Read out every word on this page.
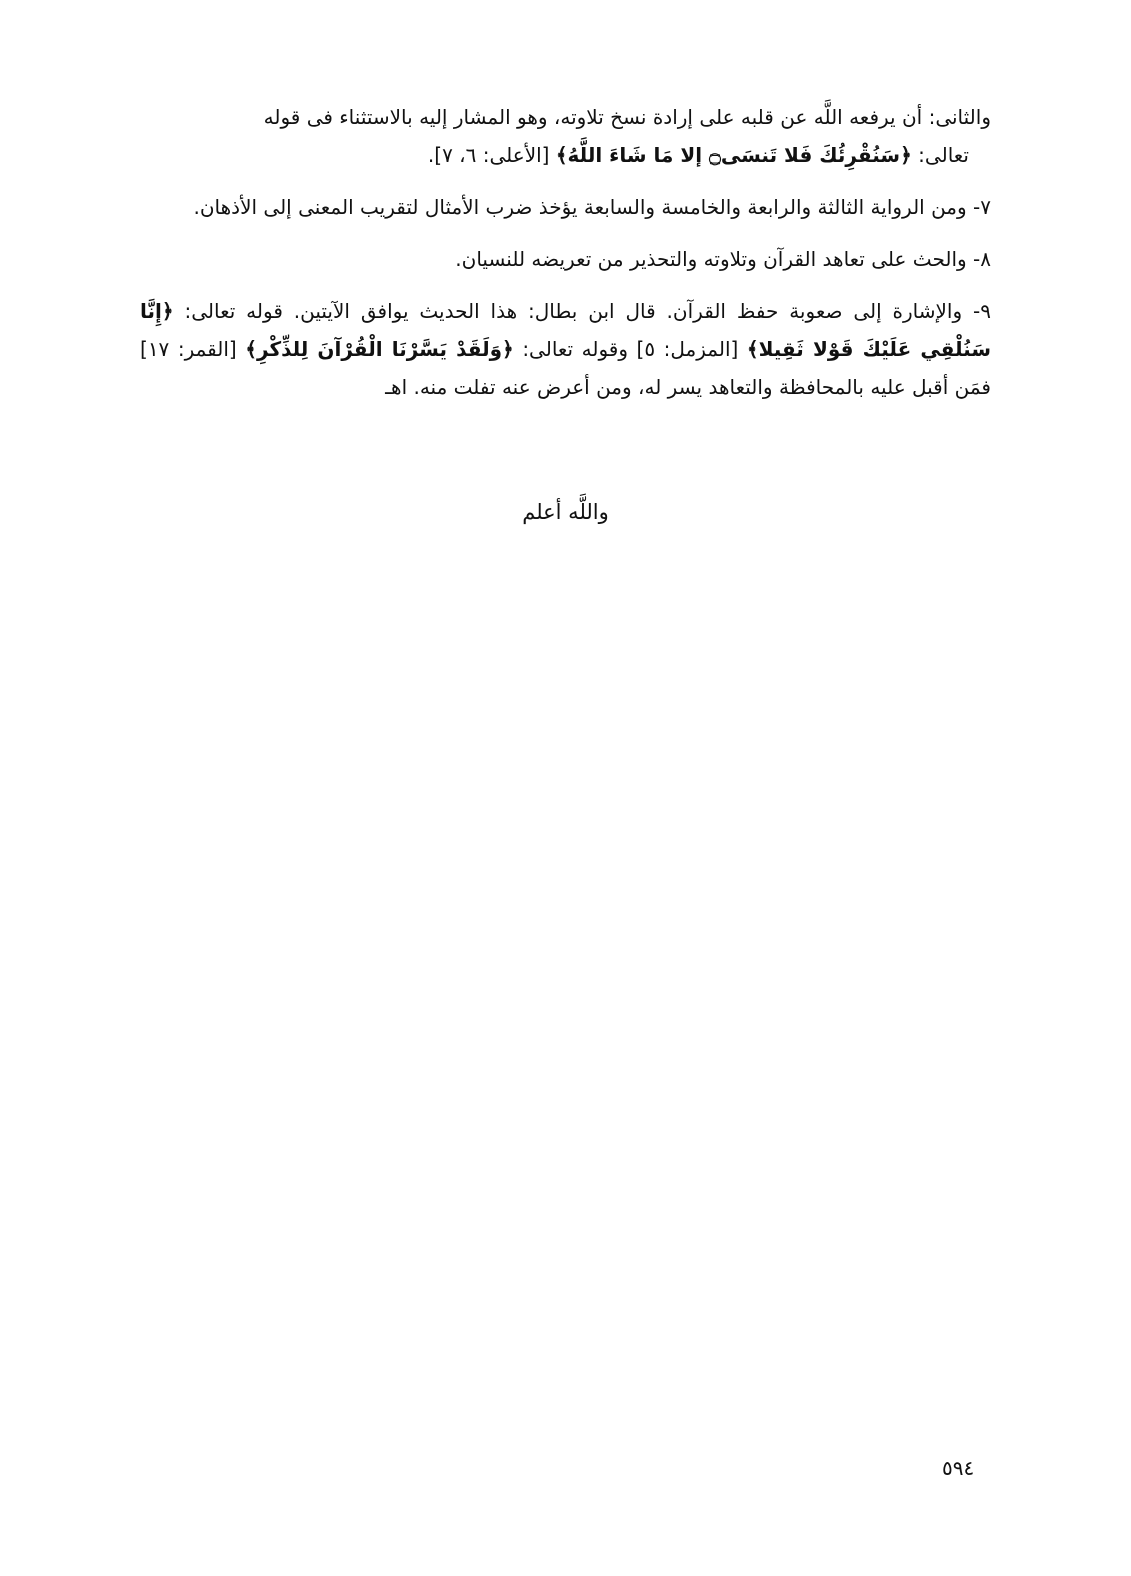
والثانى: أن يرفعه اللَّه عن قلبه على إرادة نسخ تلاوته، وهو المشار إليه بالاستثناء فى قوله
تعالى: ﴿سَنُقْرِئُكَ فَلا تَنسَى۝ إلا مَا شَاءَ اللَّهُ﴾ [الأعلى: ٦، ٧].

٧- ومن الرواية الثالثة والرابعة والخامسة والسابعة يؤخذ ضرب الأمثال لتقريب المعنى إلى الأذهان.

٨- والحث على تعاهد القرآن وتلاوته والتحذير من تعريضه للنسيان.

٩- والإشارة إلى صعوبة حفظ القرآن. قال ابن بطال: هذا الحديث يوافق الآيتين. قوله تعالى: ﴿إِنَّا سَنُلْقِي عَلَيْكَ قَوْلا ثَقِيلا﴾ [المزمل: ٥] وقوله تعالى: ﴿وَلَقَدْ يَسَّرْنَا الْقُرْآنَ لِلذِّكْرِ﴾ [القمر: ١٧] فمَن أقبل عليه بالمحافظة والتعاهد يسر له، ومن أعرض عنه تفلت منه. اهـ

واللَّه أعلم
٥٩٤
